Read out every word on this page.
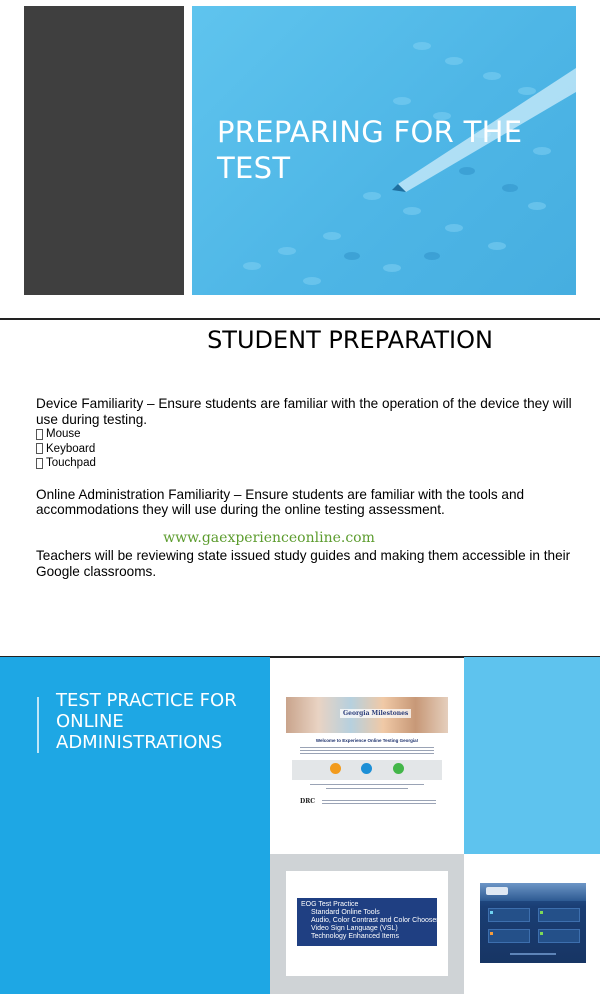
PREPARING FOR THE TEST
STUDENT PREPARATION

Device Familiarity – Ensure students are familiar with the operation of the device they will use during testing.

Mouse
Keyboard
Touchpad

Online Administration Familiarity – Ensure students are familiar with the tools and accommodations they will use during the online testing assessment.

www.gaexperienceonline.com

Teachers will be reviewing state issued study guides and making them accessible in their Google classrooms.

TEST PRACTICE FOR ONLINE ADMINISTRATIONS
Georgia Milestones
Welcome to Experience Online Testing Georgia!
DRC
EOG Test Practice
Standard Online Tools
Audio, Color Contrast and Color Chooser
Video Sign Language (VSL)
Technology Enhanced Items
